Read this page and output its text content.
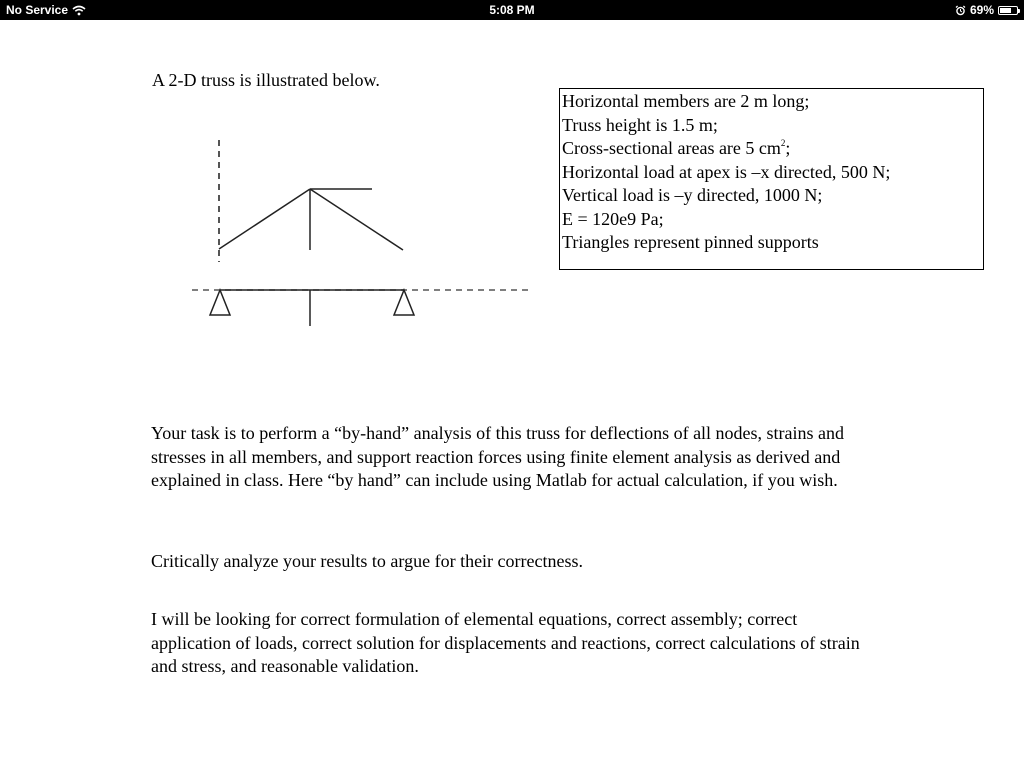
No Service	5:08 PM	69%
A 2-D truss is illustrated below.
Horizontal members are 2 m long;
Truss height is 1.5 m;
Cross-sectional areas are 5 $cm^2$;
Horizontal load at apex is –x directed, 500 N;
Vertical load is –y directed, 1000 N;
E = 120e9 Pa;
Triangles represent pinned supports

Your task is to perform a “by-hand” analysis of this truss for deflections of all nodes, strains and stresses in all members, and support reaction forces using finite element analysis as derived and explained in class. Here “by hand” can include using Matlab for actual calculation, if you wish.

Critically analyze your results to argue for their correctness.

I will be looking for correct formulation of elemental equations, correct assembly; correct application of loads, correct solution for displacements and reactions, correct calculations of strain and stress, and reasonable validation.
